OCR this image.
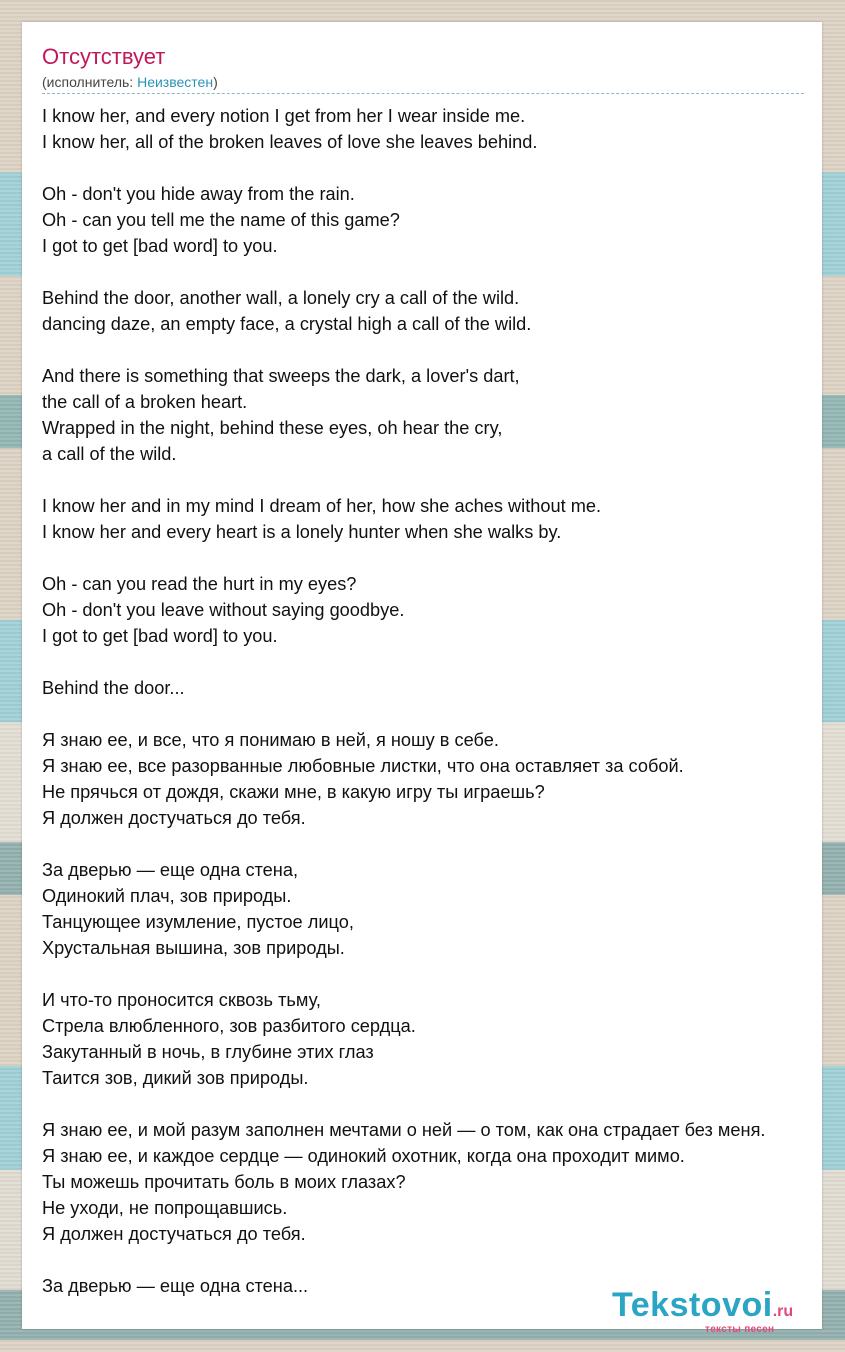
Отсутствует
(исполнитель: Неизвестен)
I know her, and every notion I get from her I wear inside me.
I know her, all of the broken leaves of love she leaves behind.
Oh - don't you hide away from the rain.
Oh - can you tell me the name of this game?
I got to get [bad word] to you.
Behind the door, another wall, a lonely cry a call of the wild.
dancing daze, an empty face, a crystal high a call of the wild.
And there is something that sweeps the dark, a lover's dart,
the call of a broken heart.
Wrapped in the night, behind these eyes, oh hear the cry,
a call of the wild.
I know her and in my mind I dream of her, how she aches without me.
I know her and every heart is a lonely hunter when she walks by.
Oh - can you read the hurt in my eyes?
Oh - don't you leave without saying goodbye.
I got to get [bad word] to you.
Behind the door...
Я знаю ее, и все, что я понимаю в ней, я ношу в себе.
Я знаю ее, все разорванные любовные листки, что она оставляет за собой.
Не прячься от дождя, скажи мне, в какую игру ты играешь?
Я должен достучаться до тебя.
За дверью — еще одна стена,
Одинокий плач, зов природы.
Танцующее изумление, пустое лицо,
Хрустальная вышина, зов природы.
И что-то проносится сквозь тьму,
Стрела влюбленного, зов разбитого сердца.
Закутанный в ночь, в глубине этих глаз
Таится зов, дикий зов природы.
Я знаю ее, и мой разум заполнен мечтами о ней — о том, как она страдает без меня.
Я знаю ее, и каждое сердце — одинокий охотник, когда она проходит мимо.
Ты можешь прочитать боль в моих глазах?
Не уходи, не попрощавшись.
Я должен достучаться до тебя.
За дверью — еще одна стена...	Tekstovoi.ru
тексты песен
